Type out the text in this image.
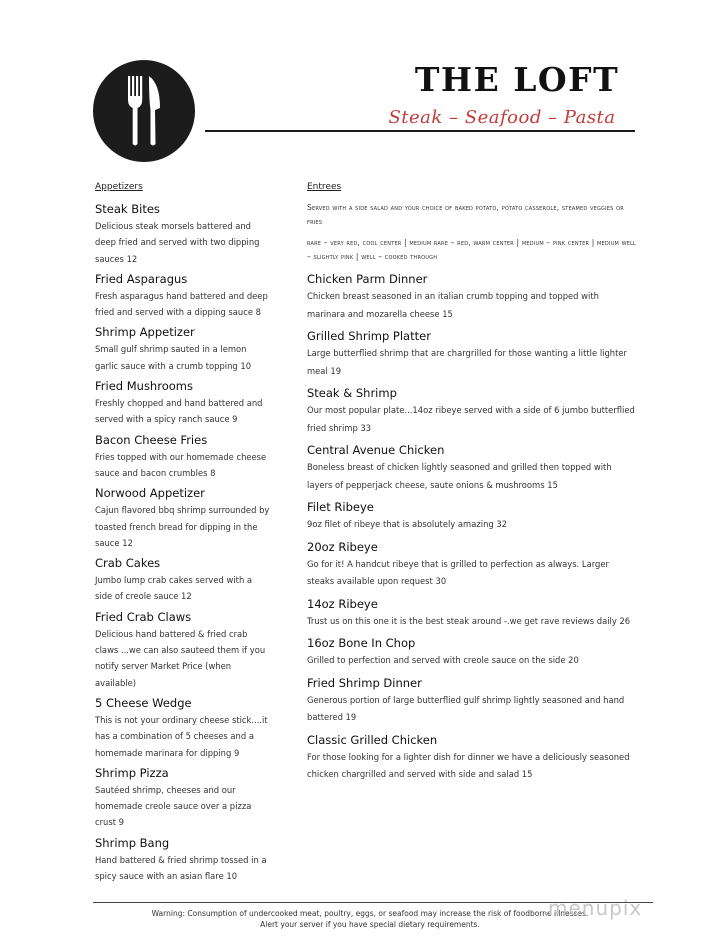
THE LOFT
Steak – Seafood – Pasta
Appetizers
Steak Bites
Delicious steak morsels battered and deep fried and served with two dipping sauces 12
Fried Asparagus
Fresh asparagus hand battered and deep fried and served with a dipping sauce 8
Shrimp Appetizer
Small gulf shrimp sauted in a lemon garlic sauce with a crumb topping 10
Fried Mushrooms
Freshly chopped and hand battered and served with a spicy ranch sauce 9
Bacon Cheese Fries
Fries topped with our homemade cheese sauce and bacon crumbles 8
Norwood Appetizer
Cajun flavored bbq shrimp surrounded by toasted french bread for dipping in the sauce 12
Crab Cakes
Jumbo lump crab cakes served with a side of creole sauce 12
Fried Crab Claws
Delicious hand battered & fried crab claws ...we can also sauteed them if you notify server Market Price (when available)
5 Cheese Wedge
This is not your ordinary cheese stick....it has a combination of 5 cheeses and a homemade marinara for dipping 9
Shrimp Pizza
Sautéed shrimp, cheeses and our homemade creole sauce over a pizza crust 9
Shrimp Bang
Hand battered & fried shrimp tossed in a spicy sauce with an asian flare 10
Entrees
Served with a side salad and your choice of baked potato, potato casserole, steamed veggies or fries
rare – very red, cool center | medium rare – red, warm center | medium – pink center | medium well – slightly pink | well – cooked through
Chicken Parm Dinner
Chicken breast seasoned in an italian crumb topping and topped with marinara and mozarella cheese 15
Grilled Shrimp Platter
Large butterflied shrimp that are chargrilled for those wanting a little lighter meal 19
Steak & Shrimp
Our most popular plate...14oz ribeye served with a side of 6 jumbo butterflied fried shrimp 33
Central Avenue Chicken
Boneless breast of chicken lightly seasoned and grilled then topped with layers of pepperjack cheese, saute onions & mushrooms 15
Filet Ribeye
9oz filet of ribeye that is absolutely amazing 32
20oz Ribeye
Go for it! A handcut ribeye that is grilled to perfection as always. Larger steaks available upon request 30
14oz Ribeye
Trust us on this one it is the best steak around -.we get rave reviews daily 26
16oz Bone In Chop
Grilled to perfection and served with creole sauce on the side 20
Fried Shrimp Dinner
Generous portion of large butterflied gulf shrimp lightly seasoned and hand battered 19
Classic Grilled Chicken
For those looking for a lighter dish for dinner we have a deliciously seasoned chicken chargrilled and served with side and salad 15
Warning: Consumption of undercooked meat, poultry, eggs, or seafood may increase the risk of foodborne illnesses.
Alert your server if you have special dietary requirements.
menupix
